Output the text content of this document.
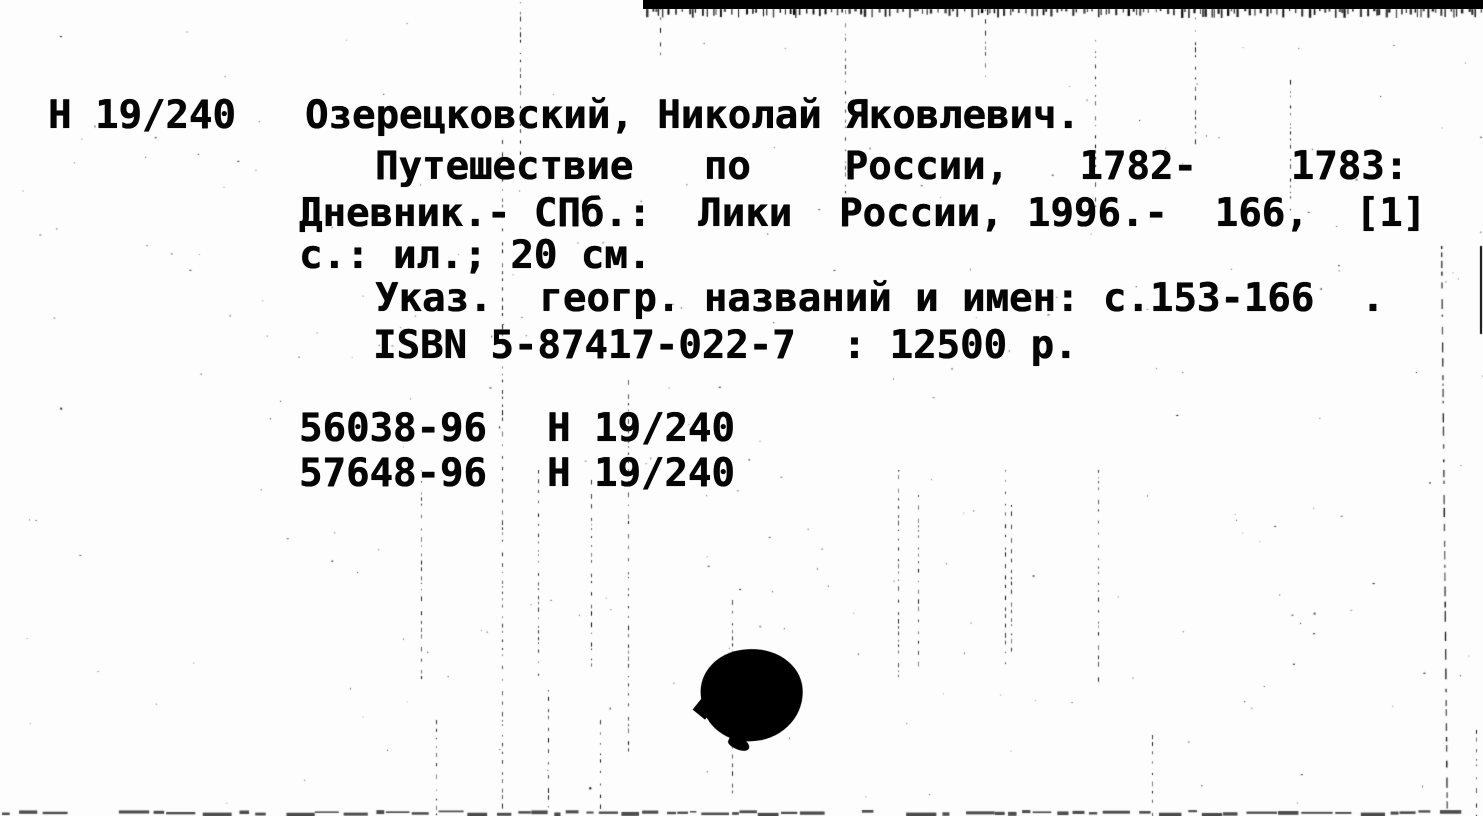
Н 19/240 Озерецковский, Николай Яковлевич.
Путешествие   по    России,   1782-    1783:
Дневник.- СПб.:  Лики  России, 1996.-  166,  [1]
с.: ил.; 20 см.
Указ.  геогр. названий и имен: с.153-166  .
ISBN 5-87417-022-7  : 12500 р.
56038-96 Н 19/240
57648-96 Н 19/240
